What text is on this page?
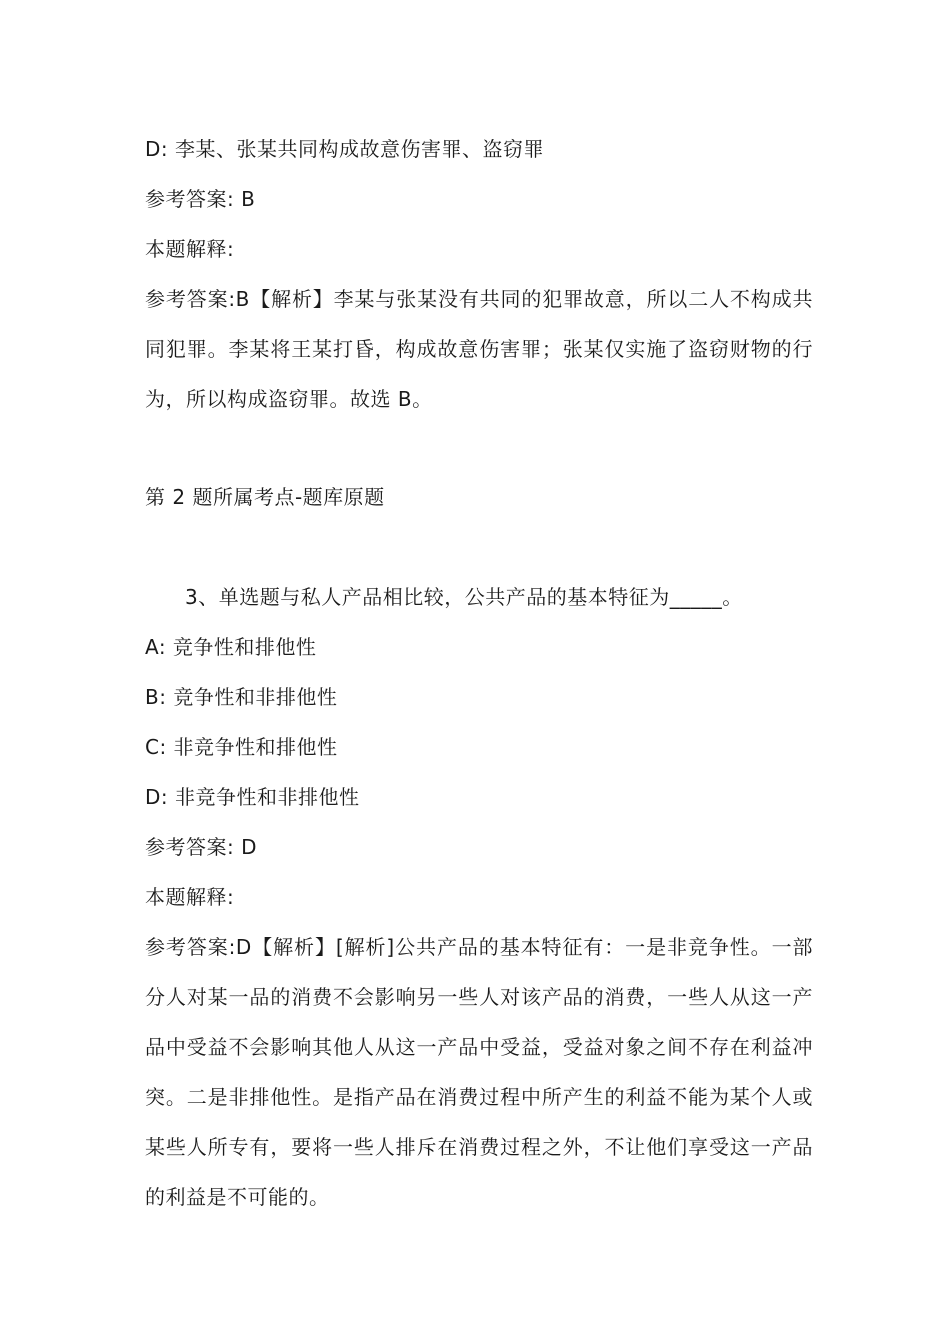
D: 李某、张某共同构成故意伤害罪、盗窃罪
参考答案: B
本题解释:
参考答案:B【解析】李某与张某没有共同的犯罪故意，所以二人不构成共同犯罪。李某将王某打昏，构成故意伤害罪；张某仅实施了盗窃财物的行为，所以构成盗窃罪。故选 B。
第 2 题所属考点-题库原题
3、单选题与私人产品相比较，公共产品的基本特征为_____。
A: 竞争性和排他性
B: 竞争性和非排他性
C: 非竞争性和排他性
D: 非竞争性和非排他性
参考答案: D
本题解释:
参考答案:D【解析】[解析]公共产品的基本特征有：一是非竞争性。一部分人对某一品的消费不会影响另一些人对该产品的消费，一些人从这一产品中受益不会影响其他人从这一产品中受益，受益对象之间不存在利益冲突。二是非排他性。是指产品在消费过程中所产生的利益不能为某个人或某些人所专有，要将一些人排斥在消费过程之外，不让他们享受这一产品的利益是不可能的。
